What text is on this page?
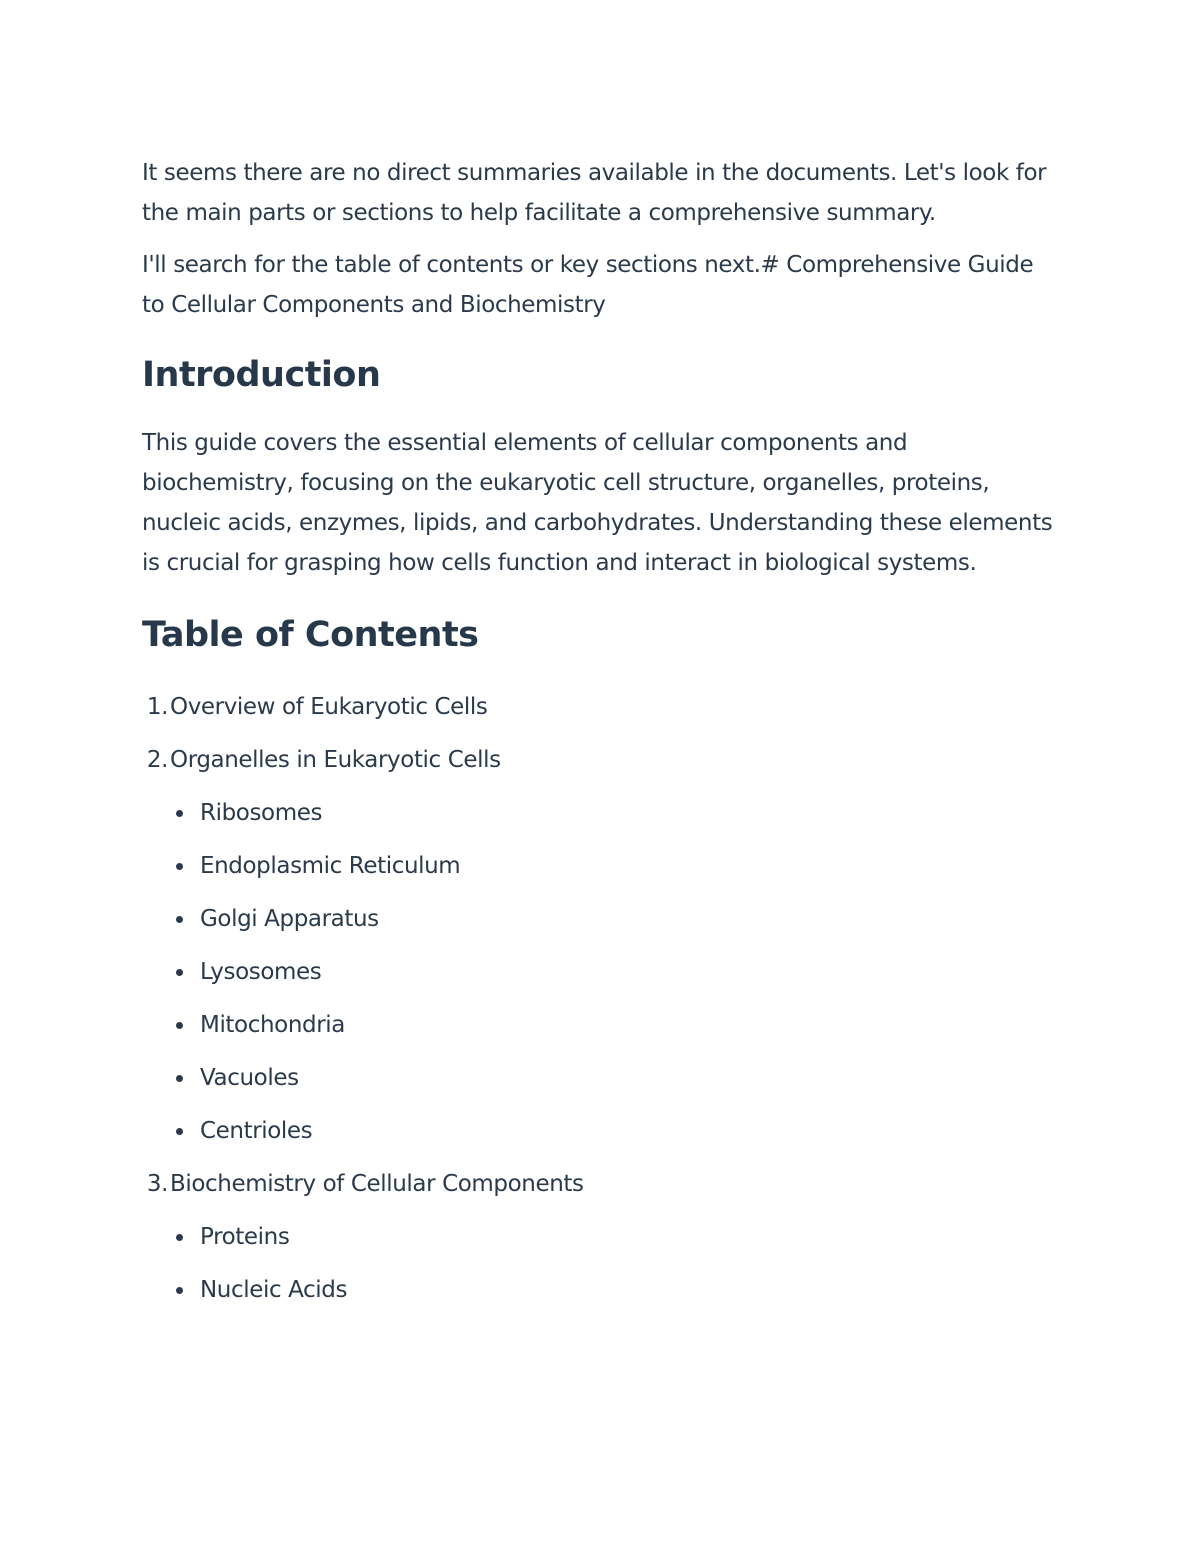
It seems there are no direct summaries available in the documents. Let's look for the main parts or sections to help facilitate a comprehensive summary.

I'll search for the table of contents or key sections next.# Comprehensive Guide to Cellular Components and Biochemistry

Introduction

This guide covers the essential elements of cellular components and biochemistry, focusing on the eukaryotic cell structure, organelles, proteins, nucleic acids, enzymes, lipids, and carbohydrates. Understanding these elements is crucial for grasping how cells function and interact in biological systems.

Table of Contents
1 . Overview of Eukaryotic Cells
2 . Organelles in Eukaryotic Cells
Ribosomes
Endoplasmic Reticulum
Golgi Apparatus
Lysosomes
Mitochondria
Vacuoles
Centrioles
3 . Biochemistry of Cellular Components
Proteins
Nucleic Acids
